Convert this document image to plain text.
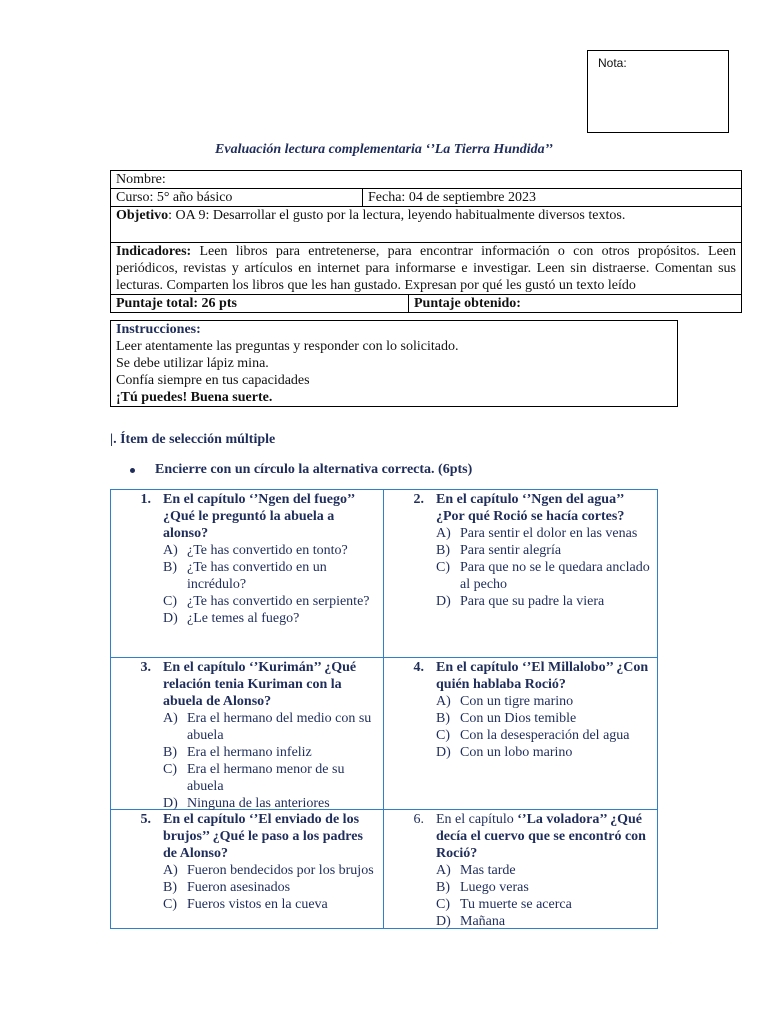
Nota:
Evaluación lectura complementaria ‘’La Tierra Hundida’’
Nombre:
Curso: 5° año básico	Fecha: 04 de septiembre 2023
Objetivo: OA 9: Desarrollar el gusto por la lectura, leyendo habitualmente diversos textos.
Indicadores: Leen libros para entretenerse, para encontrar información o con otros propósitos. Leen periódicos, revistas y artículos en internet para informarse e investigar. Leen sin distraerse. Comentan sus lecturas. Comparten los libros que les han gustado. Expresan por qué les gustó un texto leído
Puntaje total: 26 pts	Puntaje obtenido:
Instrucciones:
Leer atentamente las preguntas y responder con lo solicitado.
Se debe utilizar lápiz mina.
Confía siempre en tus capacidades
¡Tú puedes! Buena suerte.
|. Ítem de selección múltiple
Encierre con un círculo la alternativa correcta. (6pts)
1. En el capítulo ‘’Ngen del fuego’’ ¿Qué le preguntó la abuela a alonso?
A) ¿Te has convertido en tonto?
B) ¿Te has convertido en un incrédulo?
C) ¿Te has convertido en serpiente?
D) ¿Le temes al fuego?
2. En el capítulo ‘’Ngen del agua’’ ¿Por qué Roció se hacía cortes?
A) Para sentir el dolor en las venas
B) Para sentir alegría
C) Para que no se le quedara anclado al pecho
D) Para que su padre la viera
3. En el capítulo ‘’Kurimán’’ ¿Qué relación tenia Kuriman con la abuela de Alonso?
A) Era el hermano del medio con su abuela
B) Era el hermano infeliz
C) Era el hermano menor de su abuela
D) Ninguna de las anteriores
4. En el capítulo ‘’El Millalobo’’ ¿Con quién hablaba Roció?
A) Con un tigre marino
B) Con un Dios temible
C) Con la desesperación del agua
D) Con un lobo marino
5. En el capítulo ‘’El enviado de los brujos’’ ¿Qué le paso a los padres de Alonso?
A) Fueron bendecidos por los brujos
B) Fueron asesinados
C) Fueros vistos en la cueva
6. En el capítulo ‘’La voladora’’ ¿Qué decía el cuervo que se encontró con Roció?
A) Mas tarde
B) Luego veras
C) Tu muerte se acerca
D) Mañana
